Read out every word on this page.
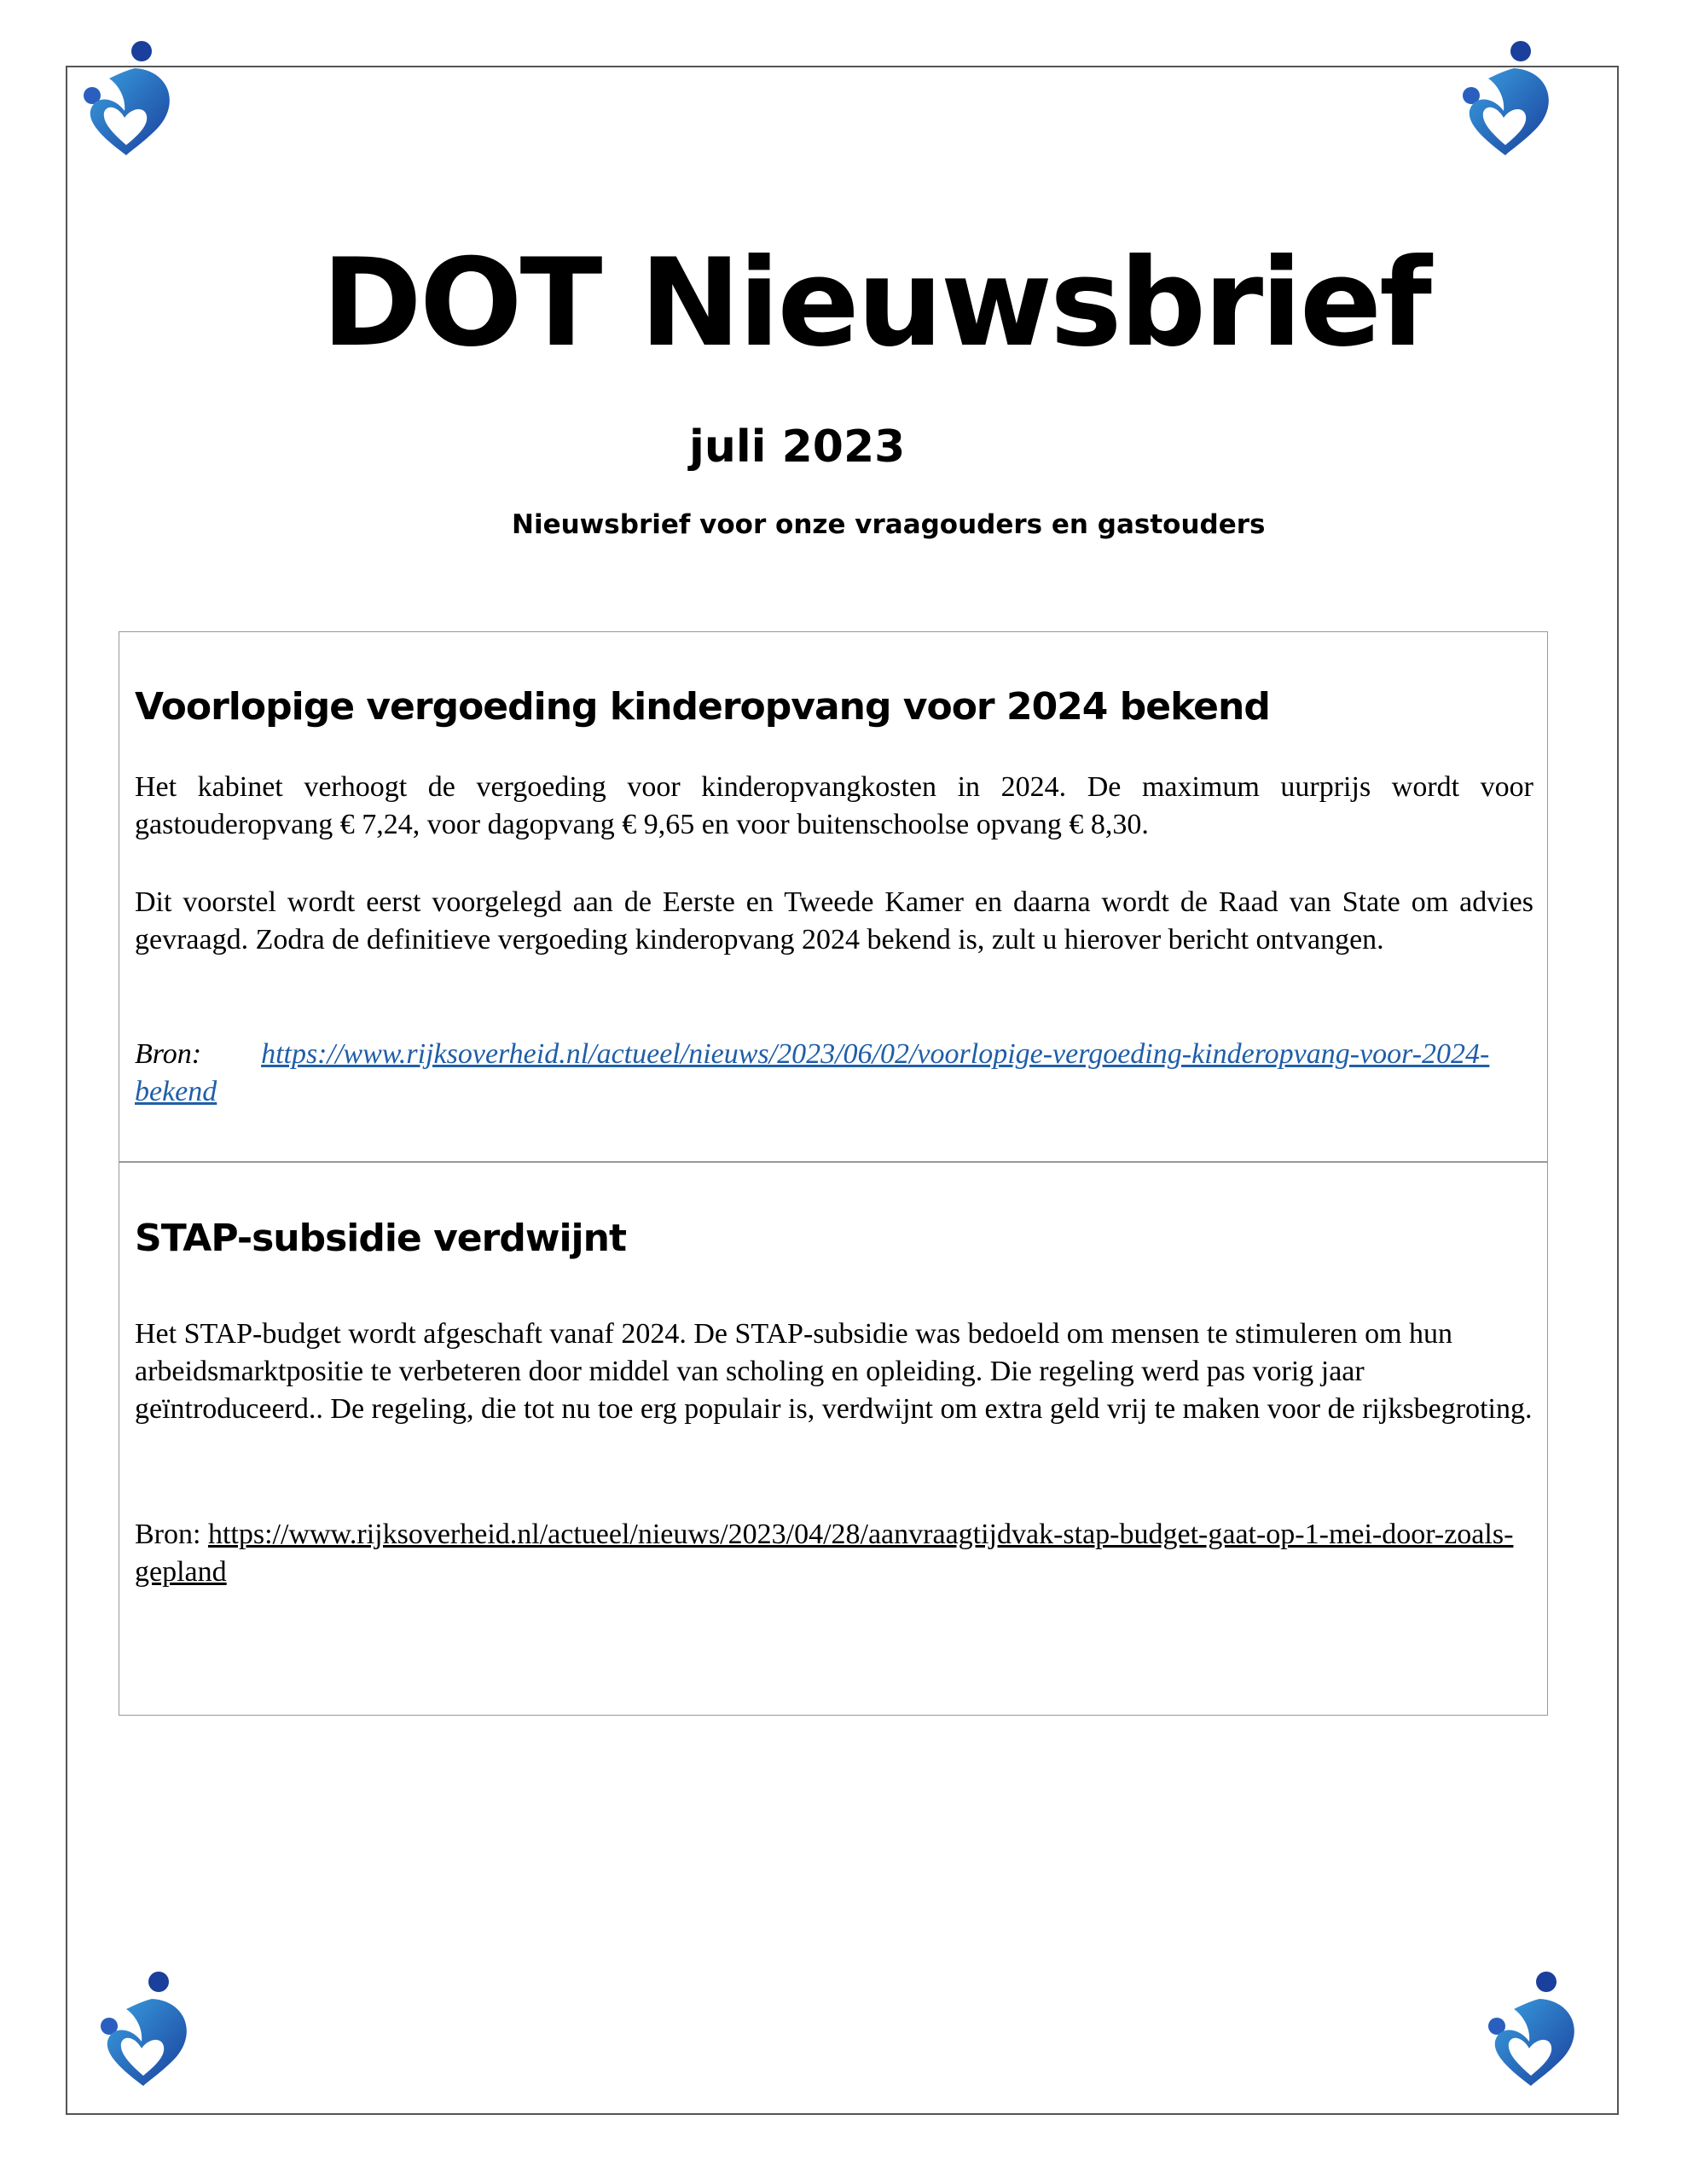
DOT Nieuwsbrief
juli 2023
Nieuwsbrief voor onze vraagouders en gastouders
Voorlopige vergoeding kinderopvang voor 2024 bekend

Het kabinet verhoogt de vergoeding voor kinderopvangkosten in 2024. De maximum uurprijs wordt voor gastouderopvang € 7,24, voor dagopvang € 9,65 en voor buitenschoolse opvang € 8,30.

Dit voorstel wordt eerst voorgelegd aan de Eerste en Tweede Kamer en daarna wordt de Raad van State om advies gevraagd. Zodra de definitieve vergoeding kinderopvang 2024 bekend is, zult u hierover bericht ontvangen.

Bron: https://www.rijksoverheid.nl/actueel/nieuws/2023/06/02/voorlopige-vergoeding-kinderopvang-voor-2024-bekend

STAP-subsidie verdwijnt

Het STAP-budget wordt afgeschaft vanaf 2024. De STAP-subsidie was bedoeld om mensen te stimuleren om hun arbeidsmarktpositie te verbeteren door middel van scholing en opleiding. Die regeling werd pas vorig jaar geïntroduceerd.. De regeling, die tot nu toe erg populair is, verdwijnt om extra geld vrij te maken voor de rijksbegroting.

Bron: https://www.rijksoverheid.nl/actueel/nieuws/2023/04/28/aanvraagtijdvak-stap-budget-gaat-op-1-mei-door-zoals-gepland
